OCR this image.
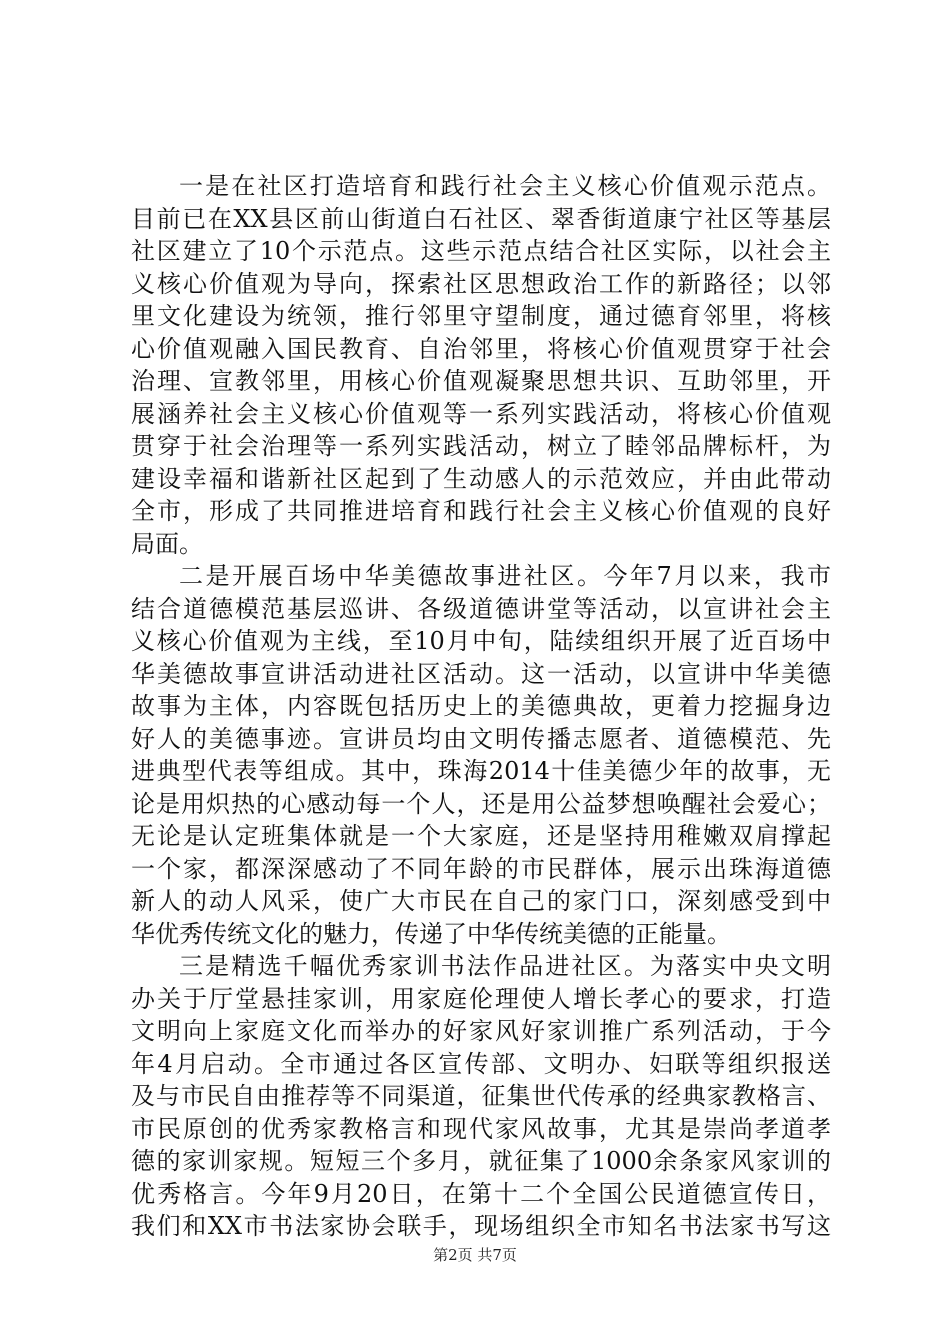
一是在社区打造培育和践行社会主义核心价值观示范点。
目前已在XX县区前山街道白石社区、翠香街道康宁社区等基层
社区建立了10个示范点。这些示范点结合社区实际，以社会主
义核心价值观为导向，探索社区思想政治工作的新路径；以邻
里文化建设为统领，推行邻里守望制度，通过德育邻里，将核
心价值观融入国民教育、自治邻里，将核心价值观贯穿于社会
治理、宣教邻里，用核心价值观凝聚思想共识、互助邻里，开
展涵养社会主义核心价值观等一系列实践活动，将核心价值观
贯穿于社会治理等一系列实践活动，树立了睦邻品牌标杆，为
建设幸福和谐新社区起到了生动感人的示范效应，并由此带动
全市，形成了共同推进培育和践行社会主义核心价值观的良好
局面。
二是开展百场中华美德故事进社区。今年7月以来，我市
结合道德模范基层巡讲、各级道德讲堂等活动，以宣讲社会主
义核心价值观为主线，至10月中旬，陆续组织开展了近百场中
华美德故事宣讲活动进社区活动。这一活动，以宣讲中华美德
故事为主体，内容既包括历史上的美德典故，更着力挖掘身边
好人的美德事迹。宣讲员均由文明传播志愿者、道德模范、先
进典型代表等组成。其中，珠海2014十佳美德少年的故事，无
论是用炽热的心感动每一个人，还是用公益梦想唤醒社会爱心；
无论是认定班集体就是一个大家庭，还是坚持用稚嫩双肩撑起
一个家，都深深感动了不同年龄的市民群体，展示出珠海道德
新人的动人风采，使广大市民在自己的家门口，深刻感受到中
华优秀传统文化的魅力，传递了中华传统美德的正能量。
三是精选千幅优秀家训书法作品进社区。为落实中央文明
办关于厅堂悬挂家训，用家庭伦理使人增长孝心的要求，打造
文明向上家庭文化而举办的好家风好家训推广系列活动，于今
年4月启动。全市通过各区宣传部、文明办、妇联等组织报送
及与市民自由推荐等不同渠道，征集世代传承的经典家教格言、
市民原创的优秀家教格言和现代家风故事，尤其是崇尚孝道孝
德的家训家规。短短三个多月，就征集了1000余条家风家训的
优秀格言。今年9月20日，在第十二个全国公民道德宣传日，
我们和XX市书法家协会联手，现场组织全市知名书法家书写这
第2页 共7页
